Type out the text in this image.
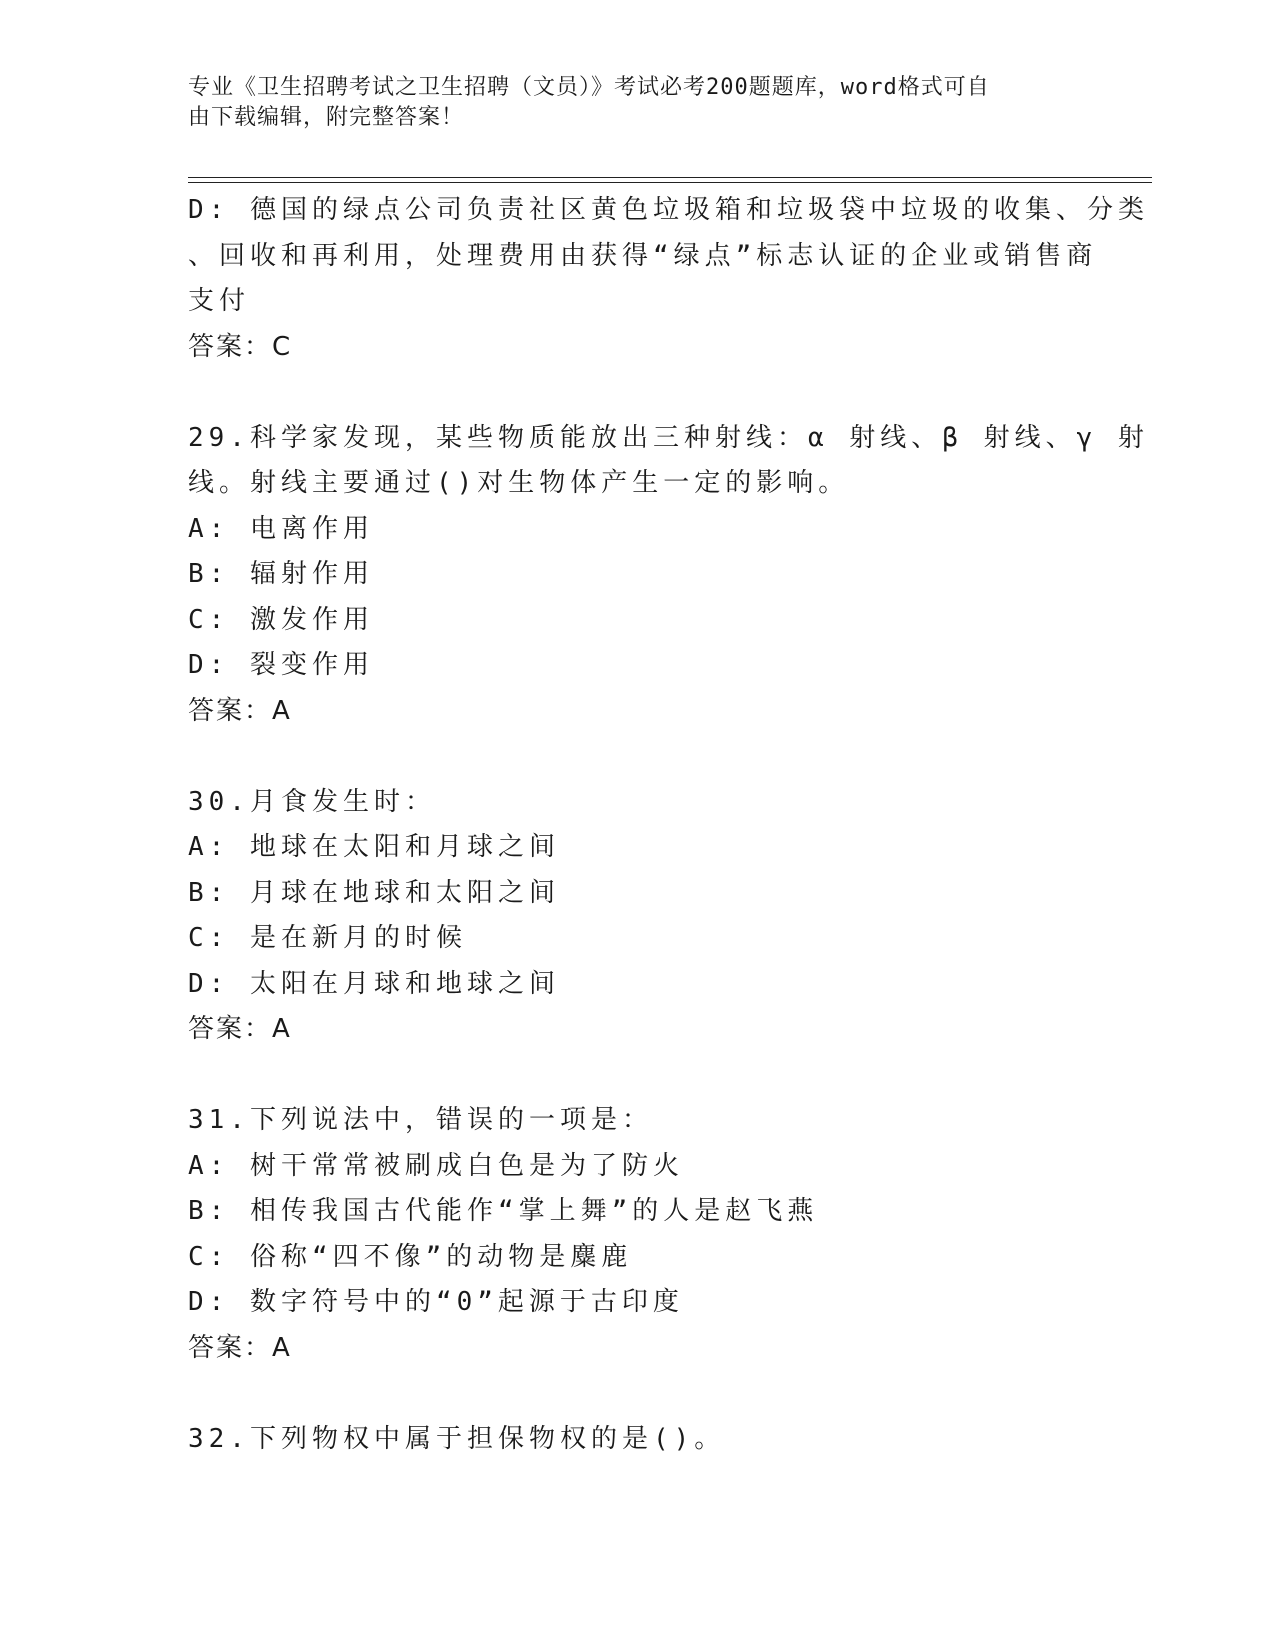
专业《卫生招聘考试之卫生招聘（文员）》考试必考200题题库，word格式可自
由下载编辑，附完整答案！

D: 德国的绿点公司负责社区黄色垃圾箱和垃圾袋中垃圾的收集、分类

、回收和再利用，处理费用由获得“绿点”标志认证的企业或销售商

支付

答案：C

29.科学家发现，某些物质能放出三种射线：α 射线、β 射线、γ 射

线。射线主要通过()对生物体产生一定的影响。

A: 电离作用

B: 辐射作用

C: 激发作用

D: 裂变作用

答案：A

30.月食发生时：

A: 地球在太阳和月球之间

B: 月球在地球和太阳之间

C: 是在新月的时候

D: 太阳在月球和地球之间

答案：A

31.下列说法中，错误的一项是：

A: 树干常常被刷成白色是为了防火

B: 相传我国古代能作“掌上舞”的人是赵飞燕

C: 俗称“四不像”的动物是麋鹿

D: 数字符号中的“0”起源于古印度

答案：A

32.下列物权中属于担保物权的是()。
